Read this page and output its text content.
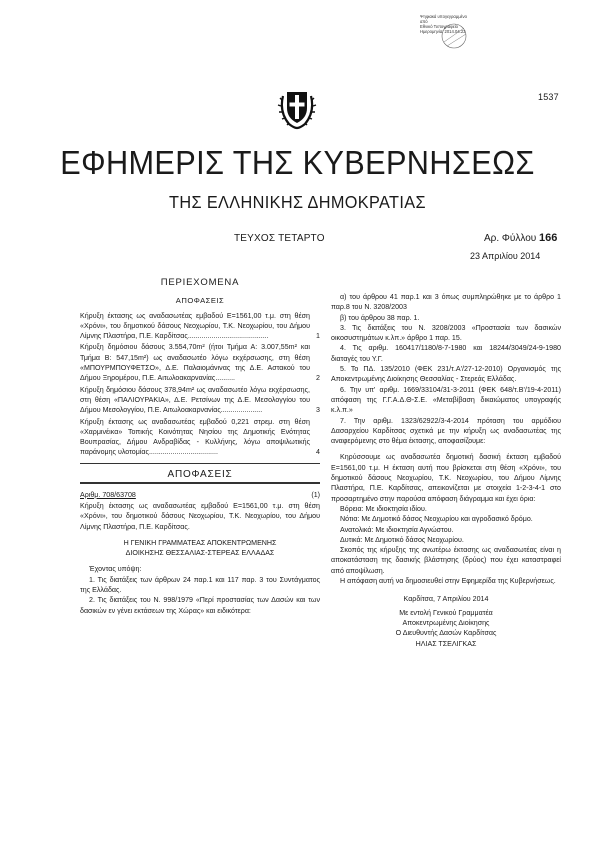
Ψηφιακά υπογεγραμμένο
από
Εθνικό Τυπογραφείο
Ημερομηνία: 2014.04.23
1537
ΕΦΗΜΕΡΙΣ ΤΗΣ ΚΥΒΕΡΝΗΣΕΩΣ
ΤΗΣ ΕΛΛΗΝΙΚΗΣ ΔΗΜΟΚΡΑΤΙΑΣ
ΤΕΥΧΟΣ ΤΕΤΑΡΤΟ	Αρ. Φύλλου 166
23 Απριλίου 2014
ΠΕΡΙΕΧΟΜΕΝΑ
ΑΠΟΦΑΣΕΙΣ
Κήρυξη έκτασης ως αναδασωτέας εμβαδού Ε=1561,00 τ.μ. στη θέση «Χρόνι», του δημοτικού δάσους Νεοχωρίου, Τ.Κ. Νεοχωρίου, του Δήμου Λίμνης Πλαστήρα, Π.Ε. Καρδίτσας.........................................	1
Κήρυξη δημόσιου δάσους 3.554,70m² (ήτοι Τμήμα Α: 3.007,55m² και Τμήμα Β: 547,15m²) ως αναδασωτέο λόγω εκχέρσωσης, στη θέση «ΜΠΟΥΡΜΠΟΥΦΕΤΣΟ», Δ.Ε. Παλαιομάνινας της Δ.Ε. Αστακού του Δήμου Ξηρομέρου, Π.Ε. Αιτωλοακαρνανίας..........	2
Κήρυξη δημόσιου δάσους 378,94m² ως αναδασωτέο λόγω εκχέρσωσης, στη θέση «ΠΑΛΙΟΥΡΑΚΙΑ», Δ.Ε. Ρετσίνων της Δ.Ε. Μεσολογγίου του Δήμου Μεσολογγίου, Π.Ε. Αιτωλοακαρνανίας.....................	3
Κήρυξη έκτασης ως αναδασωτέας εμβαδού 0,221 στρεμ. στη θέση «Χαρμινέικα» Τοπικής Κοινότητας Νησίου της Δημοτικής Ενότητας Βουπρασίας, Δήμου Ανδραβίδας - Κυλλήνης, λόγω αποψιλωτικής παράνομης υλοτομίας...................................	4
ΑΠΟΦΑΣΕΙΣ
Αριθμ. 708/63708	(1)

Κήρυξη έκτασης ως αναδασωτέας εμβαδού Ε=1561,00 τ.μ. στη θέση «Χρόνι», του δημοτικού δάσους Νεοχωρίου, Τ.Κ. Νεοχωρίου, του Δήμου Λίμνης Πλαστήρα, Π.Ε. Καρδίτσας.

Η ΓΕΝΙΚΗ ΓΡΑΜΜΑΤΕΑΣ ΑΠΟΚΕΝΤΡΩΜΕΝΗΣ
ΔΙΟΙΚΗΣΗΣ ΘΕΣΣΑΛΙΑΣ-ΣΤΕΡΕΑΣ ΕΛΛΑΔΑΣ

Έχοντας υπόψη:

1. Τις διατάξεις των άρθρων 24 παρ.1 και 117 παρ. 3 του Συντάγματος της Ελλάδας.

2. Τις διατάξεις του Ν. 998/1979 «Περί προστασίας των Δασών και των δασικών εν γένει εκτάσεων της Χώρας» και ειδικότερα:

α) του άρθρου 41 παρ.1 και 3 όπως συμπληρώθηκε με το άρθρο 1 παρ.8 του Ν. 3208/2003

β) του άρθρου 38 παρ. 1.

3. Τις διατάξεις του Ν. 3208/2003 «Προστασία των δασικών οικοσυστημάτων κ.λπ.» άρθρο 1 παρ. 15.

4. Τις αριθμ. 160417/1180/8-7-1980 και 18244/3049/24-9-1980 διαταγές του Υ.Γ.

5. Το ΠΔ. 135/2010 (ΦΕΚ 231/τ.Α'/27-12-2010) Οργανισμός της Αποκεντρωμένης Διοίκησης Θεσσαλίας - Στερεάς Ελλάδας.

6. Την υπ' αριθμ. 1669/33104/31-3-2011 (ΦΕΚ 648/τ.Β'/19-4-2011) απόφαση της Γ.Γ.Α.Δ.Θ-Σ.Ε. «Μεταβίβαση δικαιώματος υπογραφής κ.λ.π.»

7. Την αριθμ. 1323/62922/3-4-2014 πρόταση του αρμόδιου Δασαρχείου Καρδίτσας σχετικά με την κήρυξη ως αναδασωτέας της αναφερόμενης στο θέμα έκτασης, αποφασίζουμε:

Κηρύσσουμε ως αναδασωτέα δημοτική δασική έκταση εμβαδού Ε=1561,00 τ.μ. Η έκταση αυτή που βρίσκεται στη θέση «Χρόνι», του δημοτικού δάσους Νεοχωρίου, Τ.Κ. Νεοχωρίου, του Δήμου Λίμνης Πλαστήρα, Π.Ε. Καρδίτσας, απεικονίζεται με στοιχεία 1-2-3-4-1 στο προσαρτημένο στην παρούσα απόφαση διάγραμμα και έχει όρια:

Βόρεια: Με ιδιοκτησία ιδίου.

Νότια: Με Δημοτικό δάσος Νεοχωρίου και αγροδασικό δρόμο.

Ανατολικά: Με ιδιοκτησία Αγνώστου.

Δυτικά: Με Δημοτικό δάσος Νεοχωρίου.

Σκοπός της κήρυξης της ανωτέρω έκτασης ως αναδασωτέας είναι η αποκατάσταση της δασικής βλάστησης (δρύος) που έχει καταστραφεί από αποψίλωση.

Η απόφαση αυτή να δημοσιευθεί στην Εφημερίδα της Κυβερνήσεως.

Καρδίτσα, 7 Απριλίου 2014
Με εντολή Γενικού Γραμματέα
Αποκεντρωμένης Διοίκησης
Ο Διευθυντής Δασών Καρδίτσας
ΗΛΙΑΣ ΤΣΕΛΙΓΚΑΣ
